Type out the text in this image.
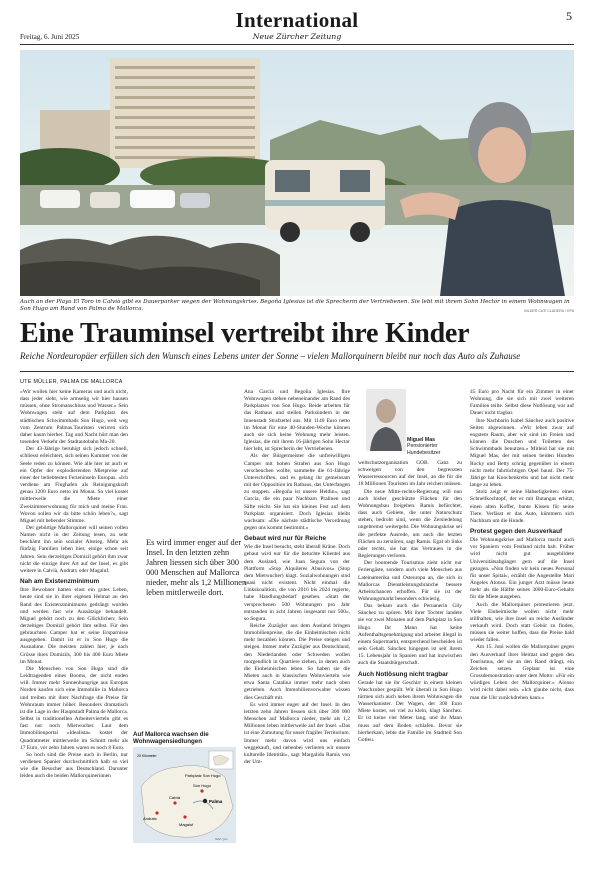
Freitag, 6. Juni 2025
International
Neue Zürcher Zeitung
5
Auch an der Playa El Toro in Calvià gibt es Dauerparker wegen der Wohnungskrise. Begoña Iglesias ist die Sprecherin der Vertriebenen. Sie lebt mit ihrem Sohn Hector in einem Wohnwagen in Son Hugo am Rand von Palma de Mallorca.	BILDER CATI CLADERA / EPA
Eine Trauminsel vertreibt ihre Kinder
Reiche Nordeuropäer erfüllen sich den Wunsch eines Lebens unter der Sonne – vielen Mallorquinern bleibt nur noch das Auto als Zuhause
UTE MÜLLER, PALMA DE MALLORCA

«Wir wollen hier keine Kameras und auch nicht, dass jeder sieht, wie armselig wir hier hausen müssen, ohne Stromanschluss und Wasser.» Sein Wohnwagen steht auf dem Parkplatz des städtischen Schwimmbads Son Hugo, weit weg vom Zentrum Palmas.Touristen verirren sich daher kaum hierher. Tag und Nacht hört man den tosenden Verkehr der Stadtautobahn Ma-20.

Der 43-Jährige beruhigt sich jedoch schnell, schliesst erleichtert, sich seinen Kummer von der Seele reden zu können. Wie alle hier ist auch er ein Opfer der explodierenden Mietpreise auf einer der beliebtesten Ferieninseln Europas. «Ich verdiene am Flughafen als Reinigungskraft genau 1200 Euro netto im Monat. So viel kostet mittlerweile die Miete einer Zweizimmerwohnung für mich und meine Frau. Wovon sollen wir da bitte schön leben?», sagt Miguel mit bebender Stimme.

Der gebürtige Mallorquiner will seinen vollen Namen nicht in der Zeitung lesen, zu sehr beschämt ihn sein sozialer Abstieg. Mehr als fünfzig Familien leben hier, einige schon seit Jahren. Sein derzeitiges Domizil gehört ihm zwar nicht die einzige ihrer Art auf der Insel, es gibt weitere in Calvià, Andratx oder Magaluf.

Nah am Existenzminimum

Ihre Bewohner hatten einst ein gutes Leben, heute sind sie in ihrer eigenen Heimat an den Rand des Existenzminimums gedrängt worden und werden fast wie Aussätzige behandelt. Miguel gehört noch zu den Glücklichen: Sein derzeitiges Domizil gehört ihm selbst. Für den gebrauchten Camper hat er seine Ersparnisse ausgegeben. Damit ist er in Son Hugo die Ausnahme. Die meisten zahlen hier, je nach Grösse ihres Domizils, 300 bis 400 Euro Miete im Monat.

Die Menschen von Son Hugo sind die Leidtragenden eines Booms, der nicht enden will. Immer mehr Sonnenhungrige aus Europas Norden kaufen sich eine Immobilie in Mallorca und treiben mit ihrer Nachfrage die Preise für Wohnraum immer höher. Besonders dramatisch ist die Lage in der Hauptstadt Palma de Mallorca. Selbst in traditionellen Arbeitervierteln gibt es fast nur noch Mietwucher. Laut dem Immobilienportal «Idealista» kostet der Quadratmeter mittlerweile im Schnitt mehr als 17 Euro, vor zehn Jahren waren es noch 8 Euro.

So hoch sind die Preise auch in Berlin, nur verdienen Spanier durchschnittlich halb so viel wie die Besucher aus Deutschland. Darunter leiden auch die beiden Mallorquinerinnen

Ana García und Begoña Iglesias. Ihre Wohnwagen stehen nebeneinander am Rand des Parkplatzes von Son Hugo. Beide arbeiten für das Rathaus und stellen Parksündern in der Innenstadt Strafzettel aus. Mit 1140 Euro netto im Monat für eine 40-Stunden-Woche können auch sie sich keine Wohnung mehr leisten. Iglesias, die mit ihrem 16-jährigen Sohn Hector hier lebt, ist Sprecherin der Vertriebenen.

Als der Bürgermeister die unfreiwilligen Camper mit hohen Strafen aus Son Hugo verscheuchen wollte, sammelte die 61-Jährige Unterschriften, und es gelang ihr gemeinsam mit der Opposition im Rathaus, das Unterfangen zu stoppen. «Begoña ist unsere Heldin», sagt García, die ein paar Nachbarn Pralinen und Säfte reicht. Sie hat ein kleines Fest auf dem Parkplatz organisiert. Doch Iglesias bleibt wachsam: «Die nächste städtische Verordnung gegen uns kommt bestimmt.»

Gebaut wird nur für Reiche

Wie die Insel besucht, steht überall Kräne. Doch gebaut wird nur für die betuchte Klientel aus dem Ausland, wie Juan Segura von der Plattform «Stop Alquileres Abusivos» (Stop dem Mietwucher) klagt. Sozialwohnungen sind quasi nicht existent. Nicht einmal die Linkskoalition, die von 2016 bis 2024 regierte, habe Handlungsbedarf gesehen. «Statt der versprochenen 500 Wohnungen pro Jahr entstanden in acht Jahren insgesamt nur 500», so Segura.

Reiche Zuzügler aus dem Ausland bringen Immobilienpreise, die die Einheimischen nicht mehr bezahlen können. Die Preise steigen und steigen. Immer mehr Zuzügler aus Deutschland, den Niederlanden oder Schweden wollen morgendlich in Quartiere ziehen, in denen auch die Einheimischen leben. So haben sie die Mieten auch in klassischen Wohnvierteln wie etwa Santa Catalina immer mehr nach oben getrieben. Auch Immobilienverwalter wissen dies Geschäft mit.

Es wird immer enger auf der Insel. In den letzten zehn Jahren liessen sich über 300 000 Menschen auf Mallorca nieder, mehr als 1,2 Millionen leben mittlerweile auf der Insel. «Das ist eine Zumutung für unser fragiles Territorium. Immer mehr davon wird uns einfach weggekauft, und nebenbei verlieren wir unsere kulturelle Identität», sagt Margalida Ramis von der Um-

Es wird immer enger auf der Insel. In den letzten zehn Jahren liessen sich über 300 000 Menschen auf Mallorca nieder, mehr als 1,2 Millionen leben mittlerweile dort.
Auf Mallorca wachsen die Wohnwagensiedlungen
Parkplatz Son Hugo
Son Hugo
Palma
Calvià
Andratx
Magaluf
20 Kilometer
NZZ / jvm
Miguel Mas
Pensionierter
Hundebesitzer

weltschutzorganisation GOB. Ganz zu schweigen von den begrenzten Wasserressourcen auf der Insel, an die für die 18 Millionen Touristen im Jahr reichen müssen.

Die neue Mitte-rechts-Regierung will nun auch bisher geschützte Flächen für den Wohnungsbau freigeben. Ramis befürchtet, dass auch Gebiete, die unter Naturschutz stehen, bedroht sind, wenn die Zersiedelung ungebremst weitergeht. Die Wohnungskrise sei die perfekte Ausrede, um auch die letzten Flächen zu zerstören, sagt Ramis. Egal ob links oder rechts, sie hat das Vertrauen in die Regierungen verloren.

Der boomende Tourismus zieht nicht nur Feriengäste, sondern auch viele Menschen aus Lateinamerika und Osteuropa an, die sich in Mallorcas Dienstleistungsbranche bessere Arbeitschancen erhoffen. Für sie ist der Wohnungsmarkt besonders schwierig.

Das bekam auch die Peruanerin Gily Sánchez zu spüren. Mit ihrer Tochter landete sie vor zwei Monaten auf dem Parkplatz in Son Hugo. Ihr Mann hat keine Aufenthaltsgenehmigung und arbeitet illegal in einem Supermarkt, entsprechend bescheiden ist sein Gehalt. Sánchez hingegen ist seit ihrem 15. Lebensjahr in Spanien und hat inzwischen auch die Staatsbürgerschaft.

Auch Notlösung nicht tragbar

Gerade hat sie ihr Geschirr in einem kleinen Waschzuber gespült. Wir überall in Son Hugo türmen sich auch neben ihrem Wohnwagen die Wasserkanister. Der Wagen, der 300 Euro Miete kostet, sei viel zu klein, klagt Sánchez. Er ist keine vier Meter lang, und ihr Mann muss auf dem Boden schlafen. Bevor sie hierherkam, lebte die Familie im Stadtteil Son Gotleu.

45 Euro pro Nacht für ein Zimmer in einer Wohnung, die sie sich mit zwei weiteren Familien teilte. Selbst diese Notlösung war auf Dauer nicht tragbar.

Ihre Nachbarin Isabel Sánchez auch positive Seiten abgewinnen. «Wir leben zwar auf engstem Raum, aber wir sind im Freien und können die Duschen und Toiletten des Schwimmbads benutzen.» Mitleid hat sie mit Miguel Mas, der mit seinen beiden Hunden Rocky und Betty schräg gegenüber in einem nicht mehr fahrtüchtigen Opel haust. Der 75-Jährige hat Knochenkrebs und hat nicht mehr lange zu leben.

Stolz zeigt er seine Habseligkeiten: einen Schnellkochtopf, der er mit Butangas erhitzt, einen alten Koffer, bunte Kissen für seine Tiere. Verlässt er das Auto, kümmern sich Nachbarn um die Hunde.

Protest gegen den Ausverkauf

Die Wohnungskrise auf Mallorca macht auch vor Spaniern vom Festland nicht halt. Früher wird nicht gut ausgebildete Universitätsabgänger gern auf die Insel gezogen. «Nun finden wir kein neues Personal für unser Spital», erzählt die Angestellte Mari Ángeles Alonso. Ein junger Arzt müsse heute mehr als die Hälfte seines 3000-Euro-Gehalts für die Miete ausgeben.

Auch die Mallorquiner protestieren jetzt. Viele Einheimische wollen nicht mehr stillhalten, wie ihre Insel an reiche Ausländer verkauft wird. Doch statt Gehör zu finden, müssen sie weiter hoffen, dass die Preise bald wieder fallen.

Am 15. Juni wollen die Mallorquiner gegen den Ausverkauf ihrer Heimat und gegen den Tourismus, der sie an den Rand drängt, ein Zeichen setzen. Geplant ist eine Grossdemonstration unter dem Motto: «Für ein würdiges Leben der Mallorquiner.» Alonso wird nicht dabei sein. «Ich glaube nicht, dass man die Uhr zurückdrehen kann.»
